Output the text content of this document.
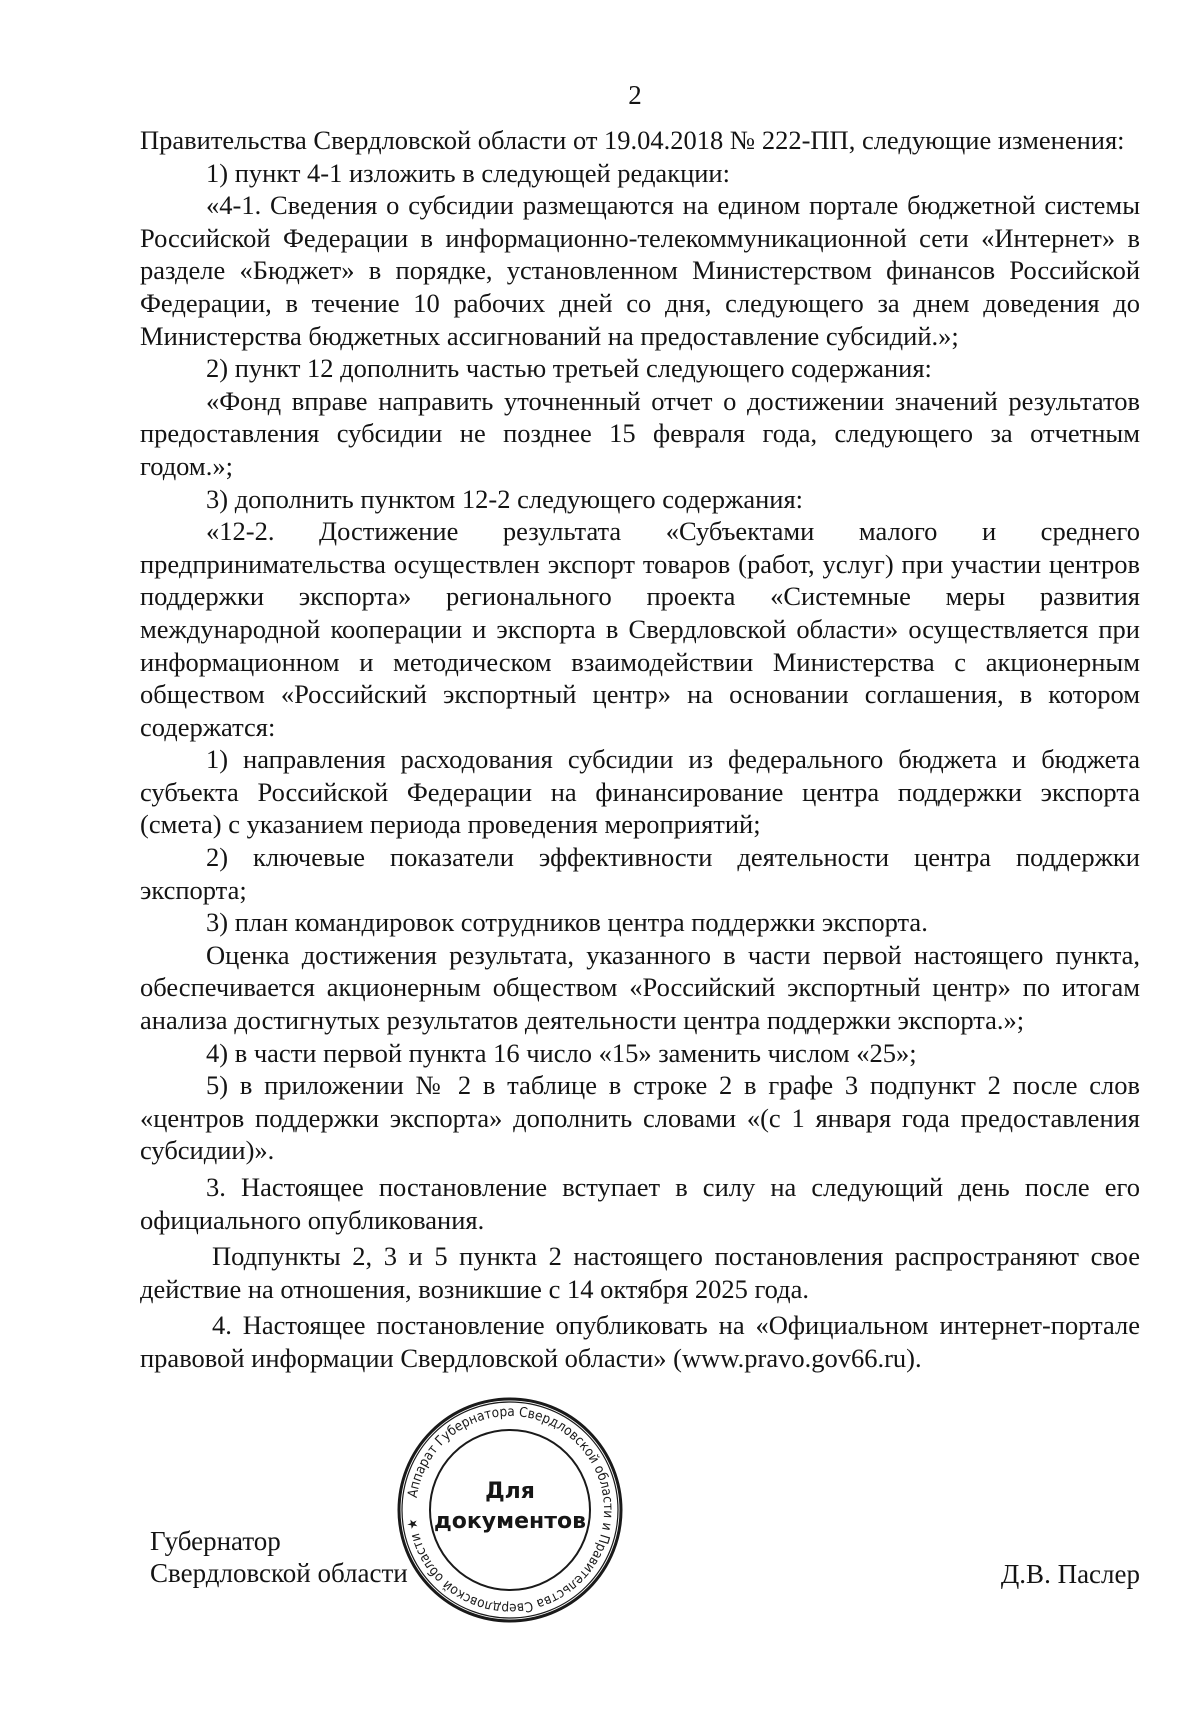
2

Правительства Свердловской области от 19.04.2018 № 222-ПП, следующие изменения:

1) пункт 4-1 изложить в следующей редакции:

«4-1. Сведения о субсидии размещаются на едином портале бюджетной системы Российской Федерации в информационно-телекоммуникационной сети «Интернет» в разделе «Бюджет» в порядке, установленном Министерством финансов Российской Федерации, в течение 10 рабочих дней со дня, следующего за днем доведения до Министерства бюджетных ассигнований на предоставление субсидий.»;

2) пункт 12 дополнить частью третьей следующего содержания:

«Фонд вправе направить уточненный отчет о достижении значений результатов предоставления субсидии не позднее 15 февраля года, следующего за отчетным годом.»;

3) дополнить пунктом 12-2 следующего содержания:

«12-2. Достижение результата «Субъектами малого и среднего предпринимательства осуществлен экспорт товаров (работ, услуг) при участии центров поддержки экспорта» регионального проекта «Системные меры развития международной кооперации и экспорта в Свердловской области» осуществляется при информационном и методическом взаимодействии Министерства с акционерным обществом «Российский экспортный центр» на основании соглашения, в котором содержатся:

1) направления расходования субсидии из федерального бюджета и бюджета субъекта Российской Федерации на финансирование центра поддержки экспорта (смета) с указанием периода проведения мероприятий;

2) ключевые показатели эффективности деятельности центра поддержки экспорта;

3) план командировок сотрудников центра поддержки экспорта.

Оценка достижения результата, указанного в части первой настоящего пункта, обеспечивается акционерным обществом «Российский экспортный центр» по итогам анализа достигнутых результатов деятельности центра поддержки экспорта.»;

4) в части первой пункта 16 число «15» заменить числом «25»;

5) в приложении № 2 в таблице в строке 2 в графе 3 подпункт 2 после слов «центров поддержки экспорта» дополнить словами «(с 1 января года предоставления субсидии)».

3. Настоящее постановление вступает в силу на следующий день после его официального опубликования.

Подпункты 2, 3 и 5 пункта 2 настоящего постановления распространяют свое действие на отношения, возникшие с 14 октября 2025 года.

4. Настоящее постановление опубликовать на «Официальном интернет-портале правовой информации Свердловской области» (www.pravo.gov66.ru).

Губернатор
Свердловской области	Д.В. Паслер
Аппарат Губернатора Свердловской области и Правительства Свердловской области ★
Для
документов
